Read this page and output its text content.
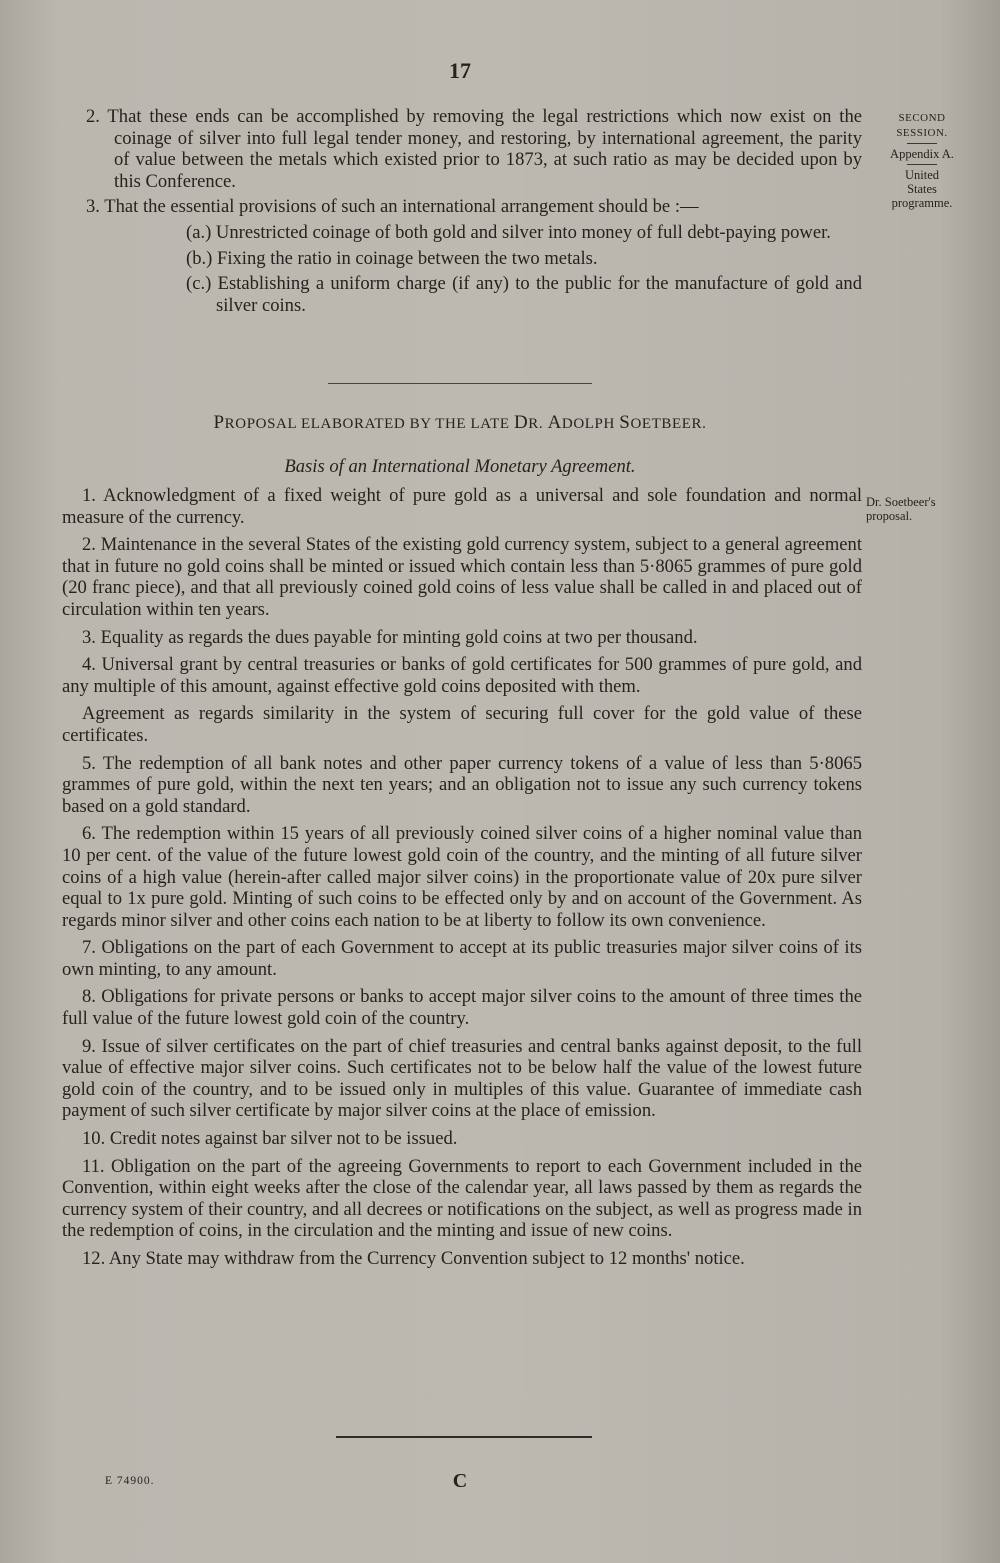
17
SECOND
SESSION.
Appendix A.
United States programme.

2. That these ends can be accomplished by removing the legal restrictions which now exist on the coinage of silver into full legal tender money, and restoring, by international agreement, the parity of value between the metals which existed prior to 1873, at such ratio as may be decided upon by this Conference.

3. That the essential provisions of such an international arrangement should be :—

(a.) Unrestricted coinage of both gold and silver into money of full debt-paying power.

(b.) Fixing the ratio in coinage between the two metals.

(c.) Establishing a uniform charge (if any) to the public for the manufacture of gold and silver coins.

PROPOSAL ELABORATED BY THE LATE DR. ADOLPH SOETBEER.
Basis of an International Monetary Agreement.
Dr. Soetbeer's proposal.

1. Acknowledgment of a fixed weight of pure gold as a universal and sole foundation and normal measure of the currency.

2. Maintenance in the several States of the existing gold currency system, subject to a general agreement that in future no gold coins shall be minted or issued which contain less than 5·8065 grammes of pure gold (20 franc piece), and that all previously coined gold coins of less value shall be called in and placed out of circulation within ten years.

3. Equality as regards the dues payable for minting gold coins at two per thousand.

4. Universal grant by central treasuries or banks of gold certificates for 500 grammes of pure gold, and any multiple of this amount, against effective gold coins deposited with them.

Agreement as regards similarity in the system of securing full cover for the gold value of these certificates.

5. The redemption of all bank notes and other paper currency tokens of a value of less than 5·8065 grammes of pure gold, within the next ten years; and an obligation not to issue any such currency tokens based on a gold standard.

6. The redemption within 15 years of all previously coined silver coins of a higher nominal value than 10 per cent. of the value of the future lowest gold coin of the country, and the minting of all future silver coins of a high value (herein-after called major silver coins) in the proportionate value of 20x pure silver equal to 1x pure gold. Minting of such coins to be effected only by and on account of the Government. As regards minor silver and other coins each nation to be at liberty to follow its own convenience.

7. Obligations on the part of each Government to accept at its public treasuries major silver coins of its own minting, to any amount.

8. Obligations for private persons or banks to accept major silver coins to the amount of three times the full value of the future lowest gold coin of the country.

9. Issue of silver certificates on the part of chief treasuries and central banks against deposit, to the full value of effective major silver coins. Such certificates not to be below half the value of the lowest future gold coin of the country, and to be issued only in multiples of this value. Guarantee of immediate cash payment of such silver certificate by major silver coins at the place of emission.

10. Credit notes against bar silver not to be issued.

11. Obligation on the part of the agreeing Governments to report to each Government included in the Convention, within eight weeks after the close of the calendar year, all laws passed by them as regards the currency system of their country, and all decrees or notifications on the subject, as well as progress made in the redemption of coins, in the circulation and the minting and issue of new coins.

12. Any State may withdraw from the Currency Convention subject to 12 months' notice.

E 74900.	C
